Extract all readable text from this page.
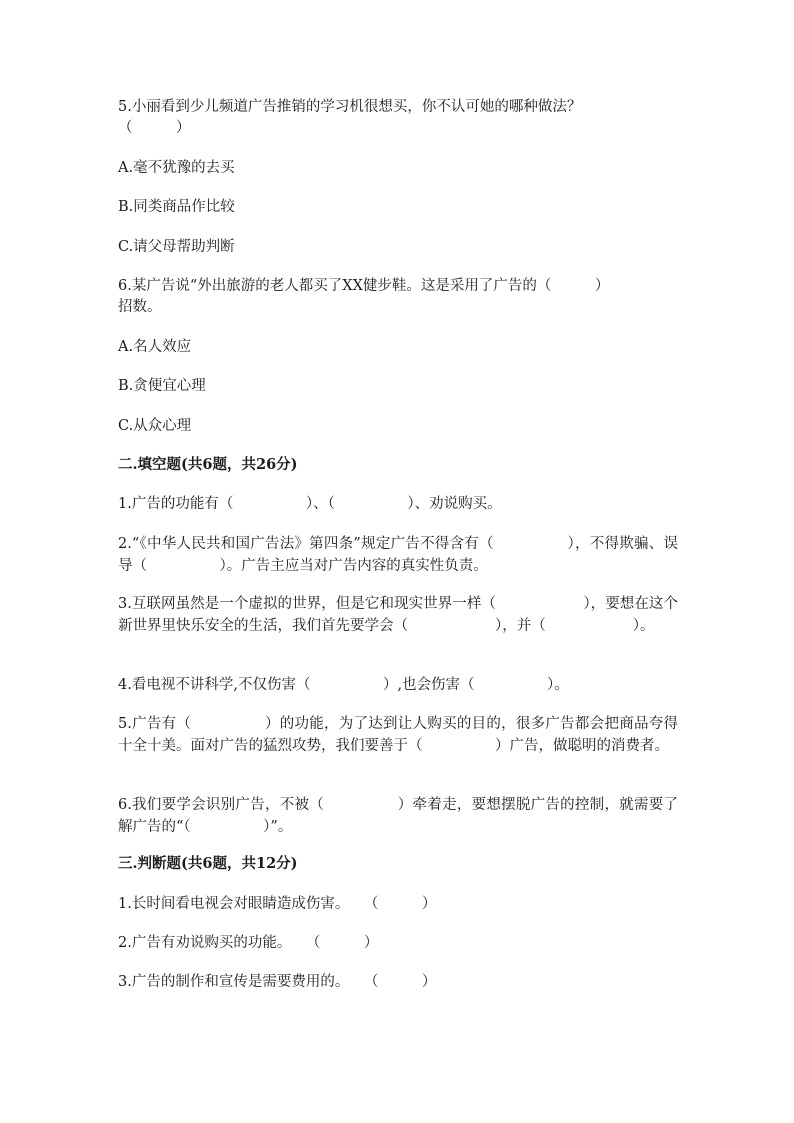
5.小丽看到少儿频道广告推销的学习机很想买，你不认可她的哪种做法？
（　　　）
A.毫不犹豫的去买
B.同类商品作比较
C.请父母帮助判断
6.某广告说“外出旅游的老人都买了XX健步鞋。这是采用了广告的（　　　）
招数。
A.名人效应
B.贪便宜心理
C.从众心理
二.填空题(共6题，共26分)
1.广告的功能有（　　　　　）、（　　　　　）、劝说购买。
2.“《中华人民共和国广告法》第四条”规定广告不得含有（　　　　　），不得欺骗、误导（　　　　　）。广告主应当对广告内容的真实性负责。
3.互联网虽然是一个虚拟的世界，但是它和现实世界一样（　　　　　　），要想在这个新世界里快乐安全的生活，我们首先要学会（　　　　　　），并（　　　　　　）。
4.看电视不讲科学,不仅伤害（　　　　　）,也会伤害（　　　　　）。
5.广告有（　　　　　）的功能，为了达到让人购买的目的，很多广告都会把商品夸得十全十美。面对广告的猛烈攻势，我们要善于（　　　　　）广告，做聪明的消费者。
6.我们要学会识别广告，不被（　　　　　）牵着走，要想摆脱广告的控制，就需要了解广告的“（　　　　　）”。
三.判断题(共6题，共12分)
1.长时间看电视会对眼睛造成伤害。　　（　　　）
2.广告有劝说购买的功能。　　（　　　）
3.广告的制作和宣传是需要费用的。　　（　　　）
